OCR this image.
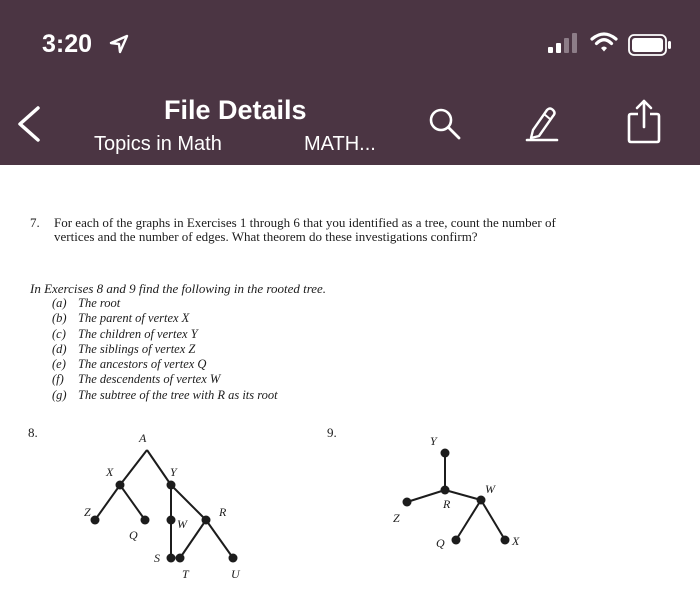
3:20
File Details
Topics in Math	MATH...
7. For each of the graphs in Exercises 1 through 6 that you identified as a tree, count the number of
vertices and the number of edges. What theorem do these investigations confirm?
In Exercises 8 and 9 find the following in the rooted tree.
(a) The root
(b) The parent of vertex X
(c) The children of vertex Y
(d) The siblings of vertex Z
(e) The ancestors of vertex Q
(f) The descendents of vertex W
(g) The subtree of the tree with R as its root
8.	9.
A
X	Y
Z
Q
W
R
S
T	U
Y
R
W
Z
Q	X
